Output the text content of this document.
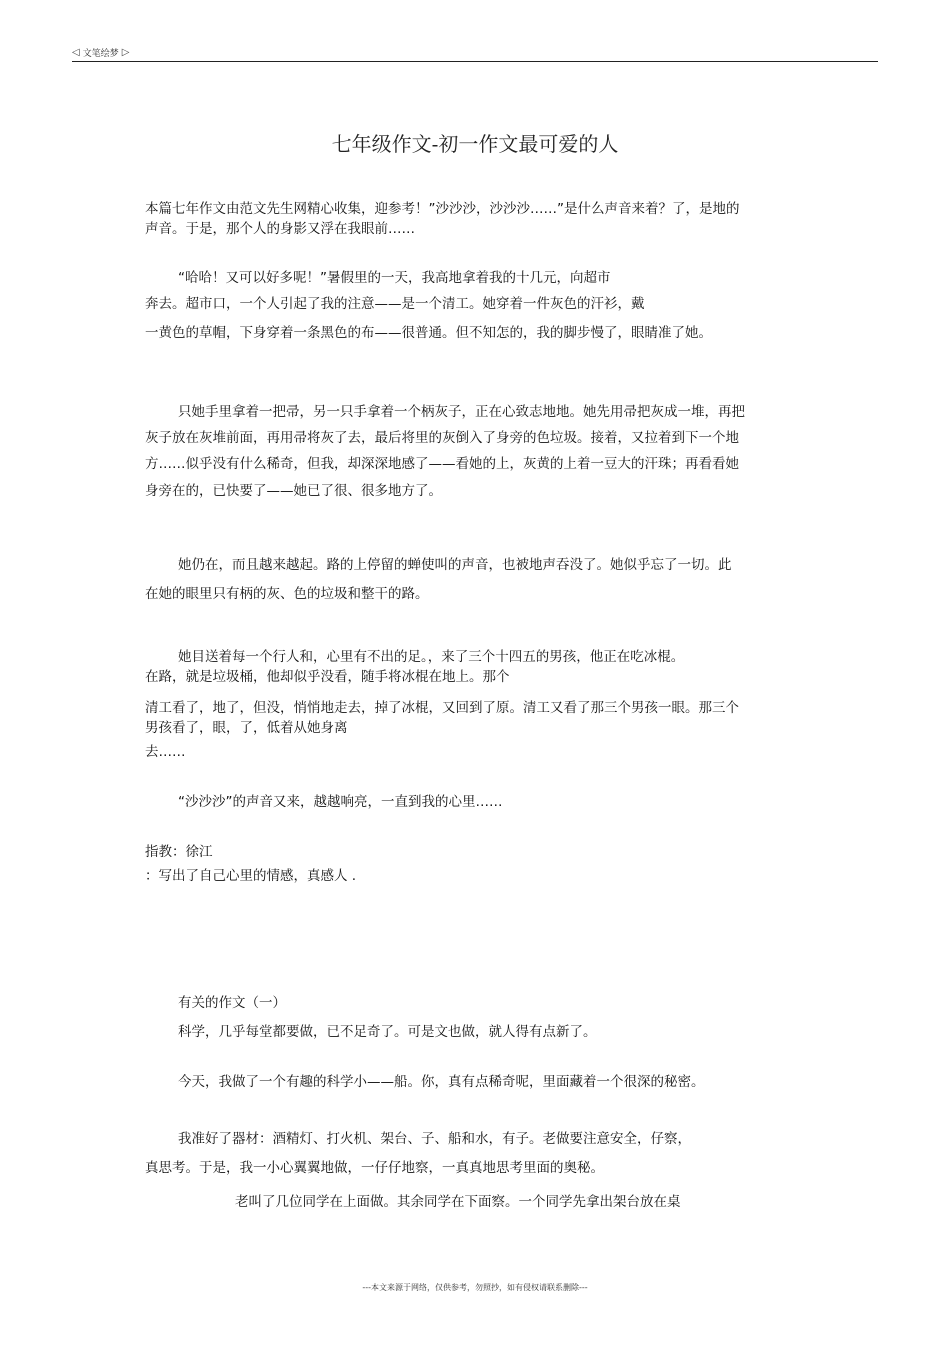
◁ 文笔绘梦 ▷
七年级作文-初一作文最可爱的人
本篇七年作文由范文先生网精心收集，迎参考！”沙沙沙，沙沙沙……”是什么声音来着？了，是地的
声音。于是，那个人的身影又浮在我眼前……
“哈哈！又可以好多呢！”暑假里的一天，我高地拿着我的十几元，向超市
奔去。超市口，一个人引起了我的注意——是一个清工。她穿着一件灰色的汗衫，戴
一黄色的草帽，下身穿着一条黑色的布——很普通。但不知怎的，我的脚步慢了，眼睛准了她。
只她手里拿着一把帚，另一只手拿着一个柄灰子，正在心致志地地。她先用帚把灰成一堆，再把
灰子放在灰堆前面，再用帚将灰了去，最后将里的灰倒入了身旁的色垃圾。接着，又拉着到下一个地
方……似乎没有什么稀奇，但我，却深深地感了——看她的上，灰黄的上着一豆大的汗珠；再看看她
身旁在的，已快要了——她已了很、很多地方了。
她仍在，而且越来越起。路的上停留的蝉使叫的声音，也被地声吞没了。她似乎忘了一切。此
在她的眼里只有柄的灰、色的垃圾和整干的路。
她目送着每一个行人和，心里有不出的足。，来了三个十四五的男孩，他正在吃冰棍。
在路，就是垃圾桶，他却似乎没看，随手将冰棍在地上。那个
清工看了，地了，但没，悄悄地走去，掉了冰棍，又回到了原。清工又看了那三个男孩一眼。那三个
男孩看了，眼，了，低着从她身离
去……
“沙沙沙”的声音又来，越越响亮，一直到我的心里……
指教：徐江
：写出了自己心里的情感，真感人 .
有关的作文（一）
科学，几乎每堂都要做，已不足奇了。可是文也做，就人得有点新了。
今天，我做了一个有趣的科学小——船。你，真有点稀奇呢，里面藏着一个很深的秘密。
我准好了器材：酒精灯、打火机、架台、子、船和水，有子。老做要注意安全，仔察，
真思考。于是，我一小心翼翼地做，一仔仔地察，一真真地思考里面的奥秘。
老叫了几位同学在上面做。其余同学在下面察。一个同学先拿出架台放在桌
---本文来源于网络，仅供参考，勿照抄，如有侵权请联系删除---
